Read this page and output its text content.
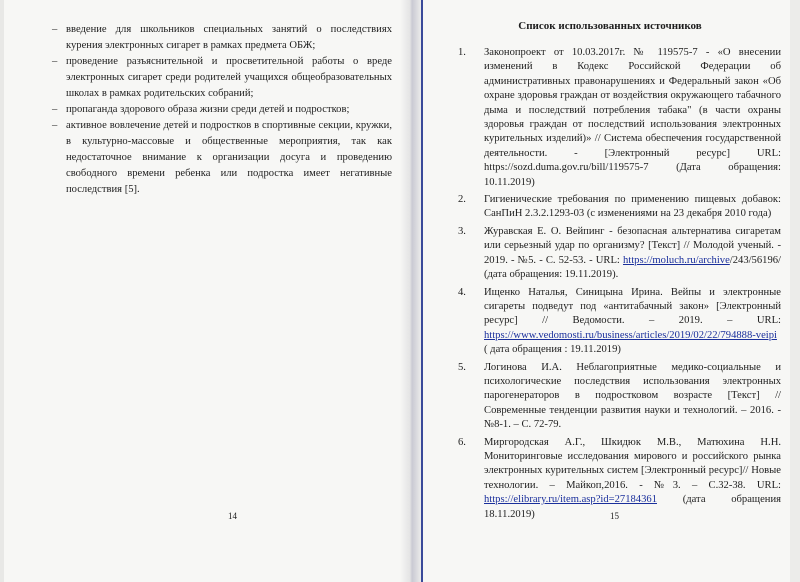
– введение для школьников специальных занятий о последствиях курения электронных сигарет в рамках предмета ОБЖ;
– проведение разъяснительной и просветительной работы о вреде электронных сигарет среди родителей учащихся общеобразовательных школах в рамках родительских собраний;
– пропаганда здорового образа жизни среди детей и подростков;
– активное вовлечение детей и подростков в спортивные секции, кружки, в культурно-массовые и общественные мероприятия, так как недостаточное внимание к организации досуга и проведению свободного времени ребенка или подростка имеет негативные последствия [5].
14
Список использованных источников
1. Законопроект от 10.03.2017г. № 119575-7 - «О внесении изменений в Кодекс Российской Федерации об административных правонарушениях и Федеральный закон «Об охране здоровья граждан от воздействия окружающего табачного дыма и последствий потребления табака" (в части охраны здоровья граждан от последствий использования электронных курительных изделий)» // Система обеспечения государственной деятельности. - [Электронный ресурс] URL: https://sozd.duma.gov.ru/bill/119575-7 (Дата обращения: 10.11.2019)
2. Гигиенические требования по применению пищевых добавок: СанПиН 2.3.2.1293-03 (с изменениями на 23 декабря 2010 года)
3. Журавская Е. О. Вейпинг - безопасная альтернатива сигаретам или серьезный удар по организму? [Текст] // Молодой ученый. - 2019. - №5. - С. 52-53. - URL: https://moluch.ru/archive/243/56196/ (дата обращения: 19.11.2019).
4. Ищенко Наталья, Синицына Ирина. Вейпы и электронные сигареты подведут под «антитабачный закон» [Электронный ресурс] // Ведомости. – 2019. – URL: https://www.vedomosti.ru/business/articles/2019/02/22/794888-veipi ( дата обращения : 19.11.2019)
5. Логинова И.А. Неблагоприятные медико-социальные и психологические последствия использования электронных парогенераторов в подростковом возрасте [Текст] // Современные тенденции развития науки и технологий. – 2016. - №8-1. – С. 72-79.
6. Миргородская А.Г., Шкидюк М.В., Матюхина Н.Н. Мониторинговые исследования мирового и российского рынка электронных курительных систем [Электронный ресурс]// Новые технологии. – Майкоп,2016. - №3. – С.32-38. URL: https://elibrary.ru/item.asp?id=27184361 (дата обращения 18.11.2019)	15
